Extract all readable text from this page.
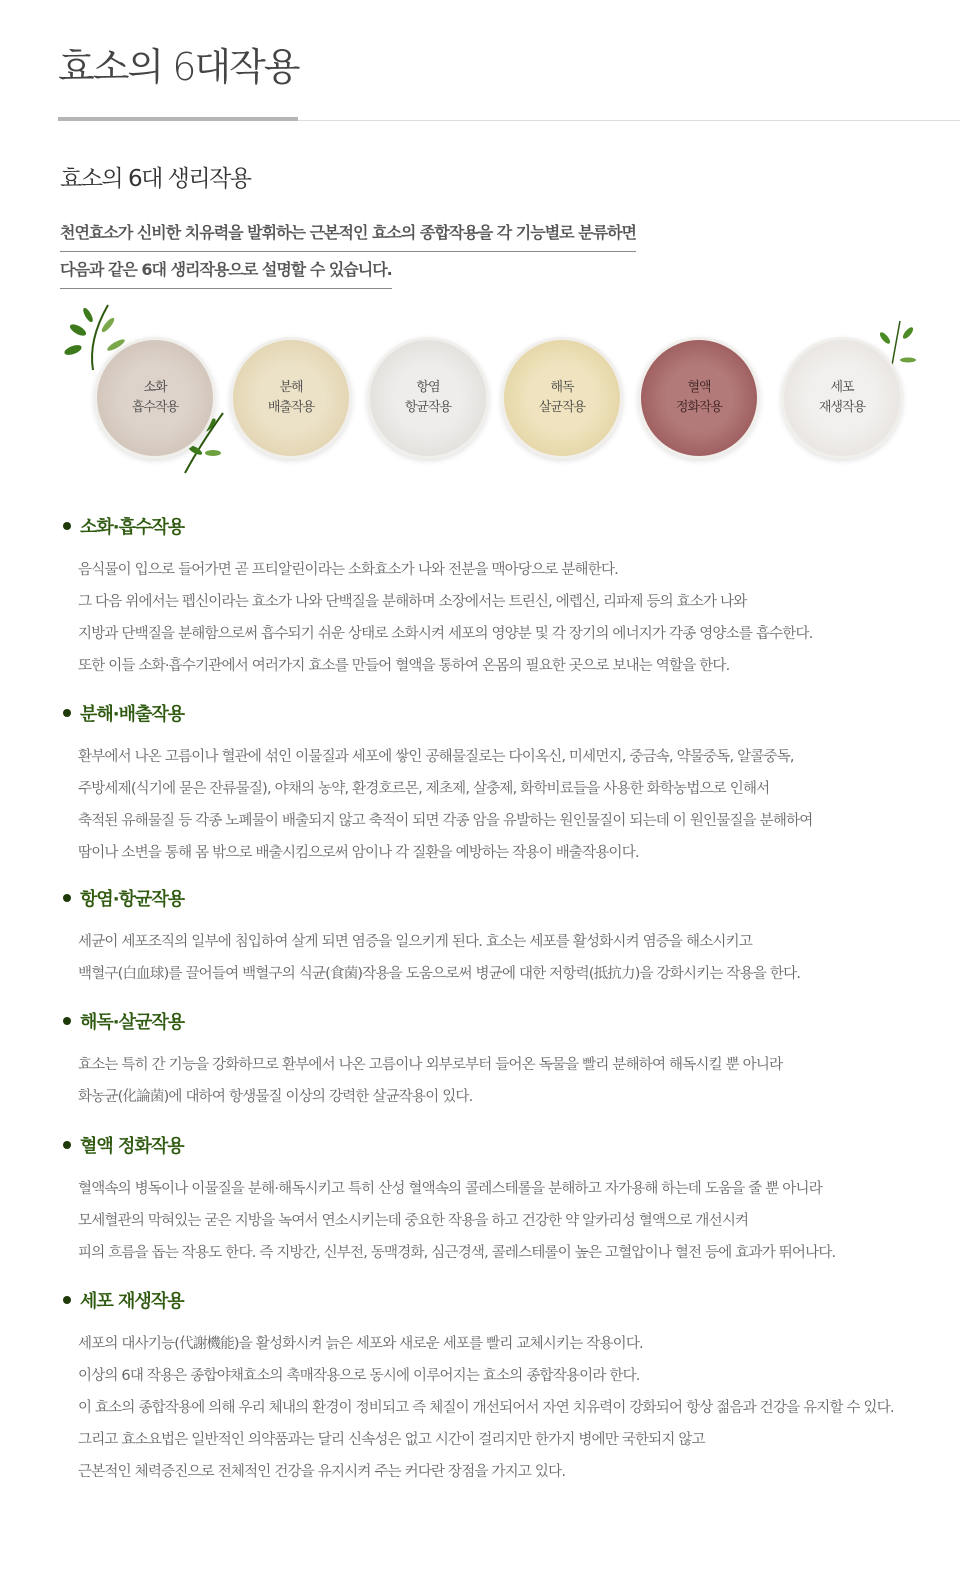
효소의 6대작용
효소의 6대 생리작용
천연효소가 신비한 치유력을 발휘하는 근본적인 효소의 종합작용을 각 기능별로 분류하면
다음과 같은 6대 생리작용으로 설명할 수 있습니다.
소화
흡수작용
분해
배출작용
항염
항균작용
해독
살균작용
혈액
정화작용
세포
재생작용
소화·흡수작용
음식물이 입으로 들어가면 곧 프티알린이라는 소화효소가 나와 전분을 맥아당으로 분해한다.
그 다음 위에서는 펩신이라는 효소가 나와 단백질을 분해하며 소장에서는 트린신, 에렙신, 리파제 등의 효소가 나와
지방과 단백질을 분해함으로써 흡수되기 쉬운 상태로 소화시켜 세포의 영양분 및 각 장기의 에너지가 각종 영양소를 흡수한다.
또한 이들 소화·흡수기관에서 여러가지 효소를 만들어 혈액을 통하여 온몸의 필요한 곳으로 보내는 역할을 한다.
분해·배출작용
환부에서 나온 고름이나 혈관에 섞인 이물질과 세포에 쌓인 공해물질로는 다이옥신, 미세먼지, 중금속, 약물중독, 알콜중독,
주방세제(식기에 묻은 잔류물질), 야채의 농약, 환경호르몬, 제초제, 살충제, 화학비료들을 사용한 화학농법으로 인해서
축적된 유해물질 등 각종 노폐물이 배출되지 않고 축적이 되면 각종 암을 유발하는 원인물질이 되는데 이 원인물질을 분해하여
땀이나 소변을 통해 몸 밖으로 배출시킴으로써 암이나 각 질환을 예방하는 작용이 배출작용이다.
항염·항균작용
세균이 세포조직의 일부에 침입하여 살게 되면 염증을 일으키게 된다. 효소는 세포를 활성화시켜 염증을 해소시키고
백혈구(白血球)를 끌어들여 백혈구의 식균(食菌)작용을 도움으로써 병균에 대한 저항력(抵抗力)을 강화시키는 작용을 한다.
해독·살균작용
효소는 특히 간 기능을 강화하므로 환부에서 나온 고름이나 외부로부터 들어온 독물을 빨리 분해하여 해독시킬 뿐 아니라
화농균(化論菌)에 대하여 항생물질 이상의 강력한 살균작용이 있다.
혈액 정화작용
혈액속의 병독이나 이물질을 분해·해독시키고 특히 산성 혈액속의 콜레스테롤을 분해하고 자가용해 하는데 도움을 줄 뿐 아니라
모세혈관의 막혀있는 굳은 지방을 녹여서 연소시키는데 중요한 작용을 하고 건강한 약 알카리성 혈액으로 개선시켜
피의 흐름을 돕는 작용도 한다. 즉 지방간, 신부전, 동맥경화, 심근경색, 콜레스테롤이 높은 고혈압이나 혈전 등에 효과가 뛰어나다.
세포 재생작용
세포의 대사기능(代謝機能)을 활성화시켜 늙은 세포와 새로운 세포를 빨리 교체시키는 작용이다.
이상의 6대 작용은 종합야채효소의 촉매작용으로 동시에 이루어지는 효소의 종합작용이라 한다.
이 효소의 종합작용에 의해 우리 체내의 환경이 정비되고 즉 체질이 개선되어서 자연 치유력이 강화되어 항상 젊음과 건강을 유지할 수 있다.
그리고 효소요법은 일반적인 의약품과는 달리 신속성은 없고 시간이 걸리지만 한가지 병에만 국한되지 않고
근본적인 체력증진으로 전체적인 건강을 유지시켜 주는 커다란 장점을 가지고 있다.
